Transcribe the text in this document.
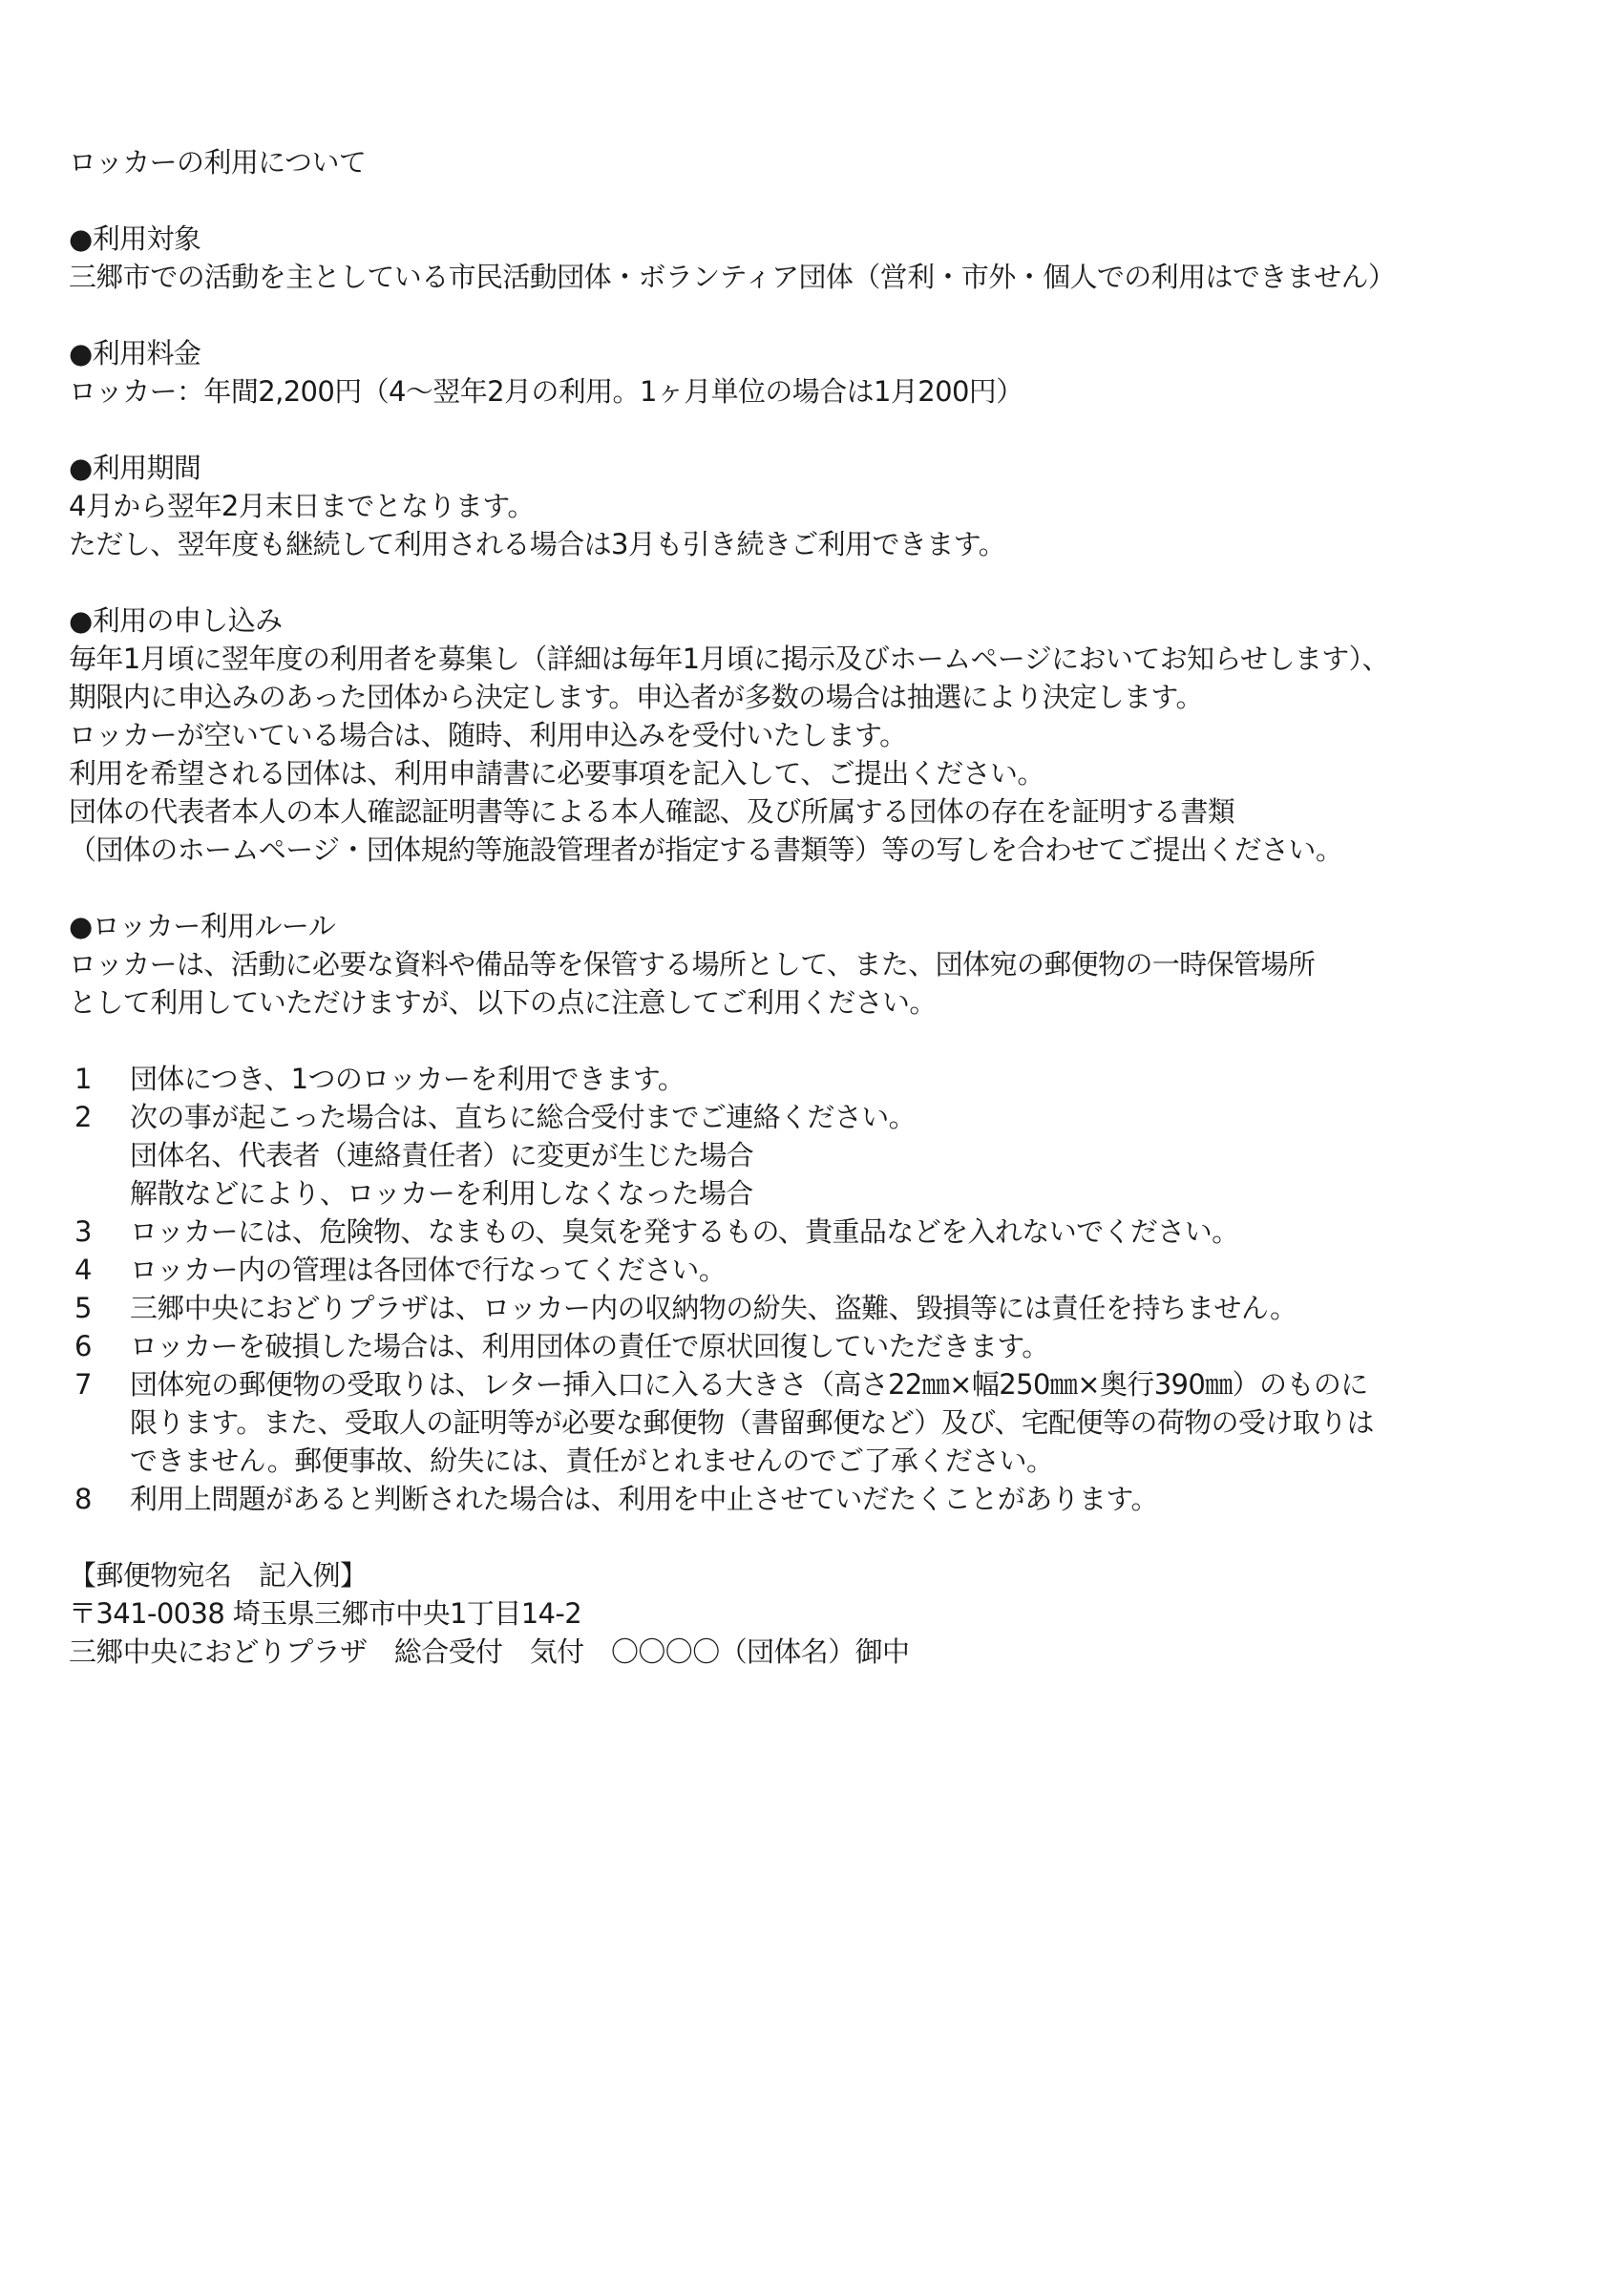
ロッカーの利用について
●利用対象
三郷市での活動を主としている市民活動団体・ボランティア団体（営利・市外・個人での利用はできません）
●利用料金
ロッカー：年間2,200円（4～翌年2月の利用。1ヶ月単位の場合は1月200円）
●利用期間
4月から翌年2月末日までとなります。
ただし、翌年度も継続して利用される場合は3月も引き続きご利用できます。
●利用の申し込み
毎年1月頃に翌年度の利用者を募集し（詳細は毎年1月頃に掲示及びホームページにおいてお知らせします）、
期限内に申込みのあった団体から決定します。申込者が多数の場合は抽選により決定します。
ロッカーが空いている場合は、随時、利用申込みを受付いたします。
利用を希望される団体は、利用申請書に必要事項を記入して、ご提出ください。
団体の代表者本人の本人確認証明書等による本人確認、及び所属する団体の存在を証明する書類
（団体のホームページ・団体規約等施設管理者が指定する書類等）等の写しを合わせてご提出ください。
●ロッカー利用ルール
ロッカーは、活動に必要な資料や備品等を保管する場所として、また、団体宛の郵便物の一時保管場所
として利用していただけますが、以下の点に注意してご利用ください。
1	団体につき、1つのロッカーを利用できます。
2	次の事が起こった場合は、直ちに総合受付までご連絡ください。
団体名、代表者（連絡責任者）に変更が生じた場合
解散などにより、ロッカーを利用しなくなった場合
3	ロッカーには、危険物、なまもの、臭気を発するもの、貴重品などを入れないでください。
4	ロッカー内の管理は各団体で行なってください。
5	三郷中央におどりプラザは、ロッカー内の収納物の紛失、盗難、毀損等には責任を持ちません。
6	ロッカーを破損した場合は、利用団体の責任で原状回復していただきます。
7	団体宛の郵便物の受取りは、レター挿入口に入る大きさ（高さ22㎜×幅250㎜×奥行390㎜）のものに
限ります。また、受取人の証明等が必要な郵便物（書留郵便など）及び、宅配便等の荷物の受け取りは
できません。郵便事故、紛失には、責任がとれませんのでご了承ください。
8	利用上問題があると判断された場合は、利用を中止させていだたくことがあります。
【郵便物宛名　記入例】
〒341-0038 埼玉県三郷市中央1丁目14-2
三郷中央におどりプラザ　総合受付　気付　〇〇〇〇（団体名）御中
